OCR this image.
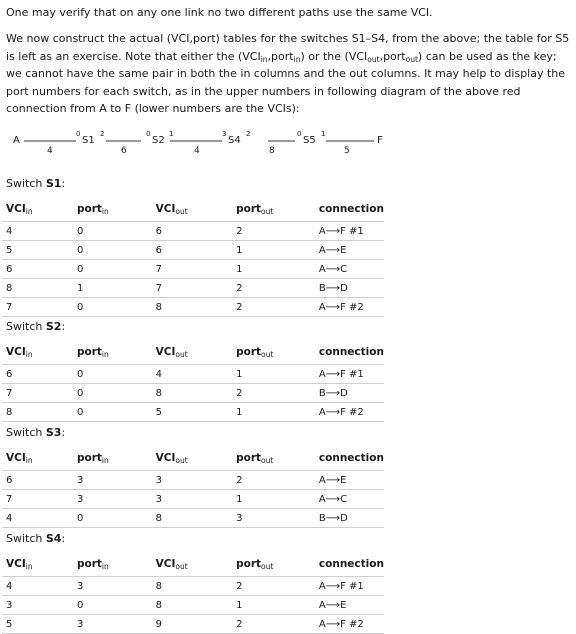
One may verify that on any one link no two different paths use the same VCI.

We now construct the actual (VCI,port) tables for the switches S1–S4, from the above; the table for S5 is left as an exercise. Note that either the $(VCI_{in},port_{in})$ or the $(VCI_{out},port_{out})$ can be used as the key; we cannot have the same pair in both the in columns and the out columns. It may help to display the port numbers for each switch, as in the upper numbers in following diagram of the above red connection from A to F (lower numbers are the VCIs):

A	F
0
S1
2	0
S2
1	3
S4
2	0
S5
1
4	6	4	8	5
Switch S1:
$VCI_{in}$	port$_{in}$	$VCI_{out}$	port$_{out}$	connection
4	0	6	2	A⟶F #1
5	0	6	1	A⟶E
6	0	7	1	A⟶C
8	1	7	2	B⟶D
7	0	8	2	A⟶F #2
Switch S2:
$VCI_{in}$	port$_{in}$	$VCI_{out}$	port$_{out}$	connection
6	0	4	1	A⟶F #1
7	0	8	2	B⟶D
8	0	5	1	A⟶F #2
Switch S3:
$VCI_{in}$	port$_{in}$	$VCI_{out}$	port$_{out}$	connection
6	3	3	2	A⟶E
7	3	3	1	A⟶C
4	0	8	3	B⟶D
Switch S4:
$VCI_{in}$	port$_{in}$	$VCI_{out}$	port$_{out}$	connection
4	3	8	2	A⟶F #1
3	0	8	1	A⟶E
5	3	9	2	A⟶F #2
